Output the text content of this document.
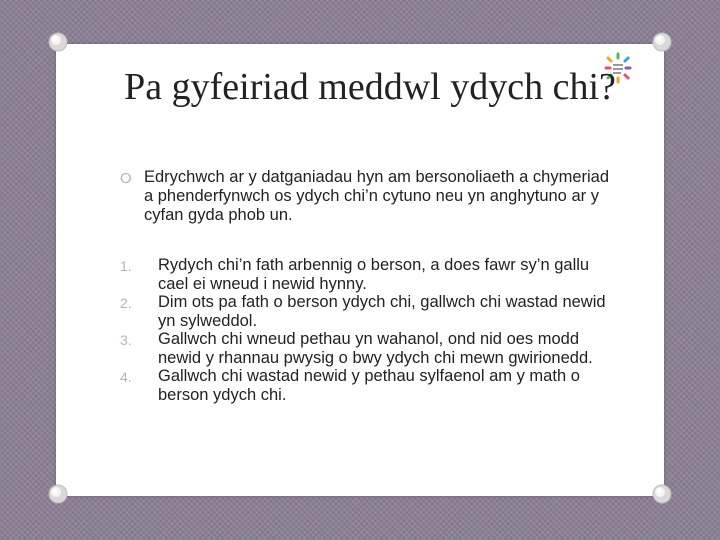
Pa gyfeiriad meddwl ydych chi?
O Edrychwch ar y datganiadau hyn am bersonoliaeth a chymeriad a phenderfynwch os ydych chi’n cytuno neu yn anghytuno ar y cyfan gyda phob un.
1. Rydych chi’n fath arbennig o berson, a does fawr sy’n gallu cael ei wneud i newid hynny.
2. Dim ots pa fath o berson ydych chi, gallwch chi wastad newid yn sylweddol.
3. Gallwch chi wneud pethau yn wahanol, ond nid oes modd newid y rhannau pwysig o bwy ydych chi mewn gwirionedd.
4. Gallwch chi wastad newid y pethau sylfaenol am y math o berson ydych chi.
